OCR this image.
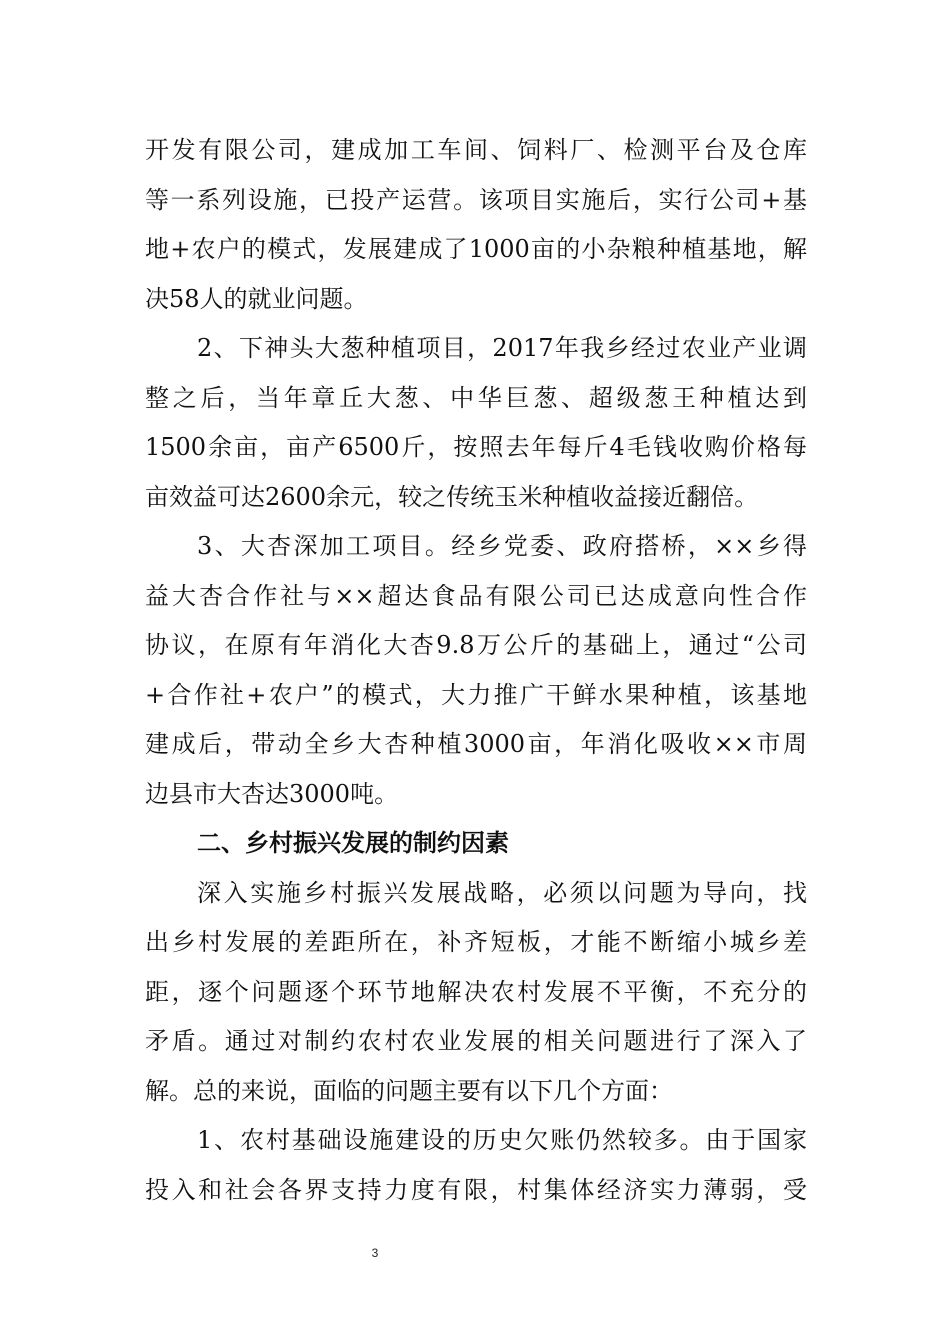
开发有限公司，建成加工车间、饲料厂、检测平台及仓库
等一系列设施，已投产运营。该项目实施后，实行公司+基
地+农户的模式，发展建成了1000亩的小杂粮种植基地，解
决58人的就业问题。
2、下神头大葱种植项目，2017年我乡经过农业产业调
整之后，当年章丘大葱、中华巨葱、超级葱王种植达到
1500余亩，亩产6500斤，按照去年每斤4毛钱收购价格每
亩效益可达2600余元，较之传统玉米种植收益接近翻倍。
3、大杏深加工项目。经乡党委、政府搭桥，××乡得
益大杏合作社与××超达食品有限公司已达成意向性合作
协议，在原有年消化大杏9.8万公斤的基础上，通过“公司
+合作社+农户”的模式，大力推广干鲜水果种植，该基地
建成后，带动全乡大杏种植3000亩，年消化吸收××市周
边县市大杏达3000吨。
二、乡村振兴发展的制约因素
深入实施乡村振兴发展战略，必须以问题为导向，找
出乡村发展的差距所在，补齐短板，才能不断缩小城乡差
距，逐个问题逐个环节地解决农村发展不平衡，不充分的
矛盾。通过对制约农村农业发展的相关问题进行了深入了
解。总的来说，面临的问题主要有以下几个方面：
1、农村基础设施建设的历史欠账仍然较多。由于国家
投入和社会各界支持力度有限，村集体经济实力薄弱，受
3
